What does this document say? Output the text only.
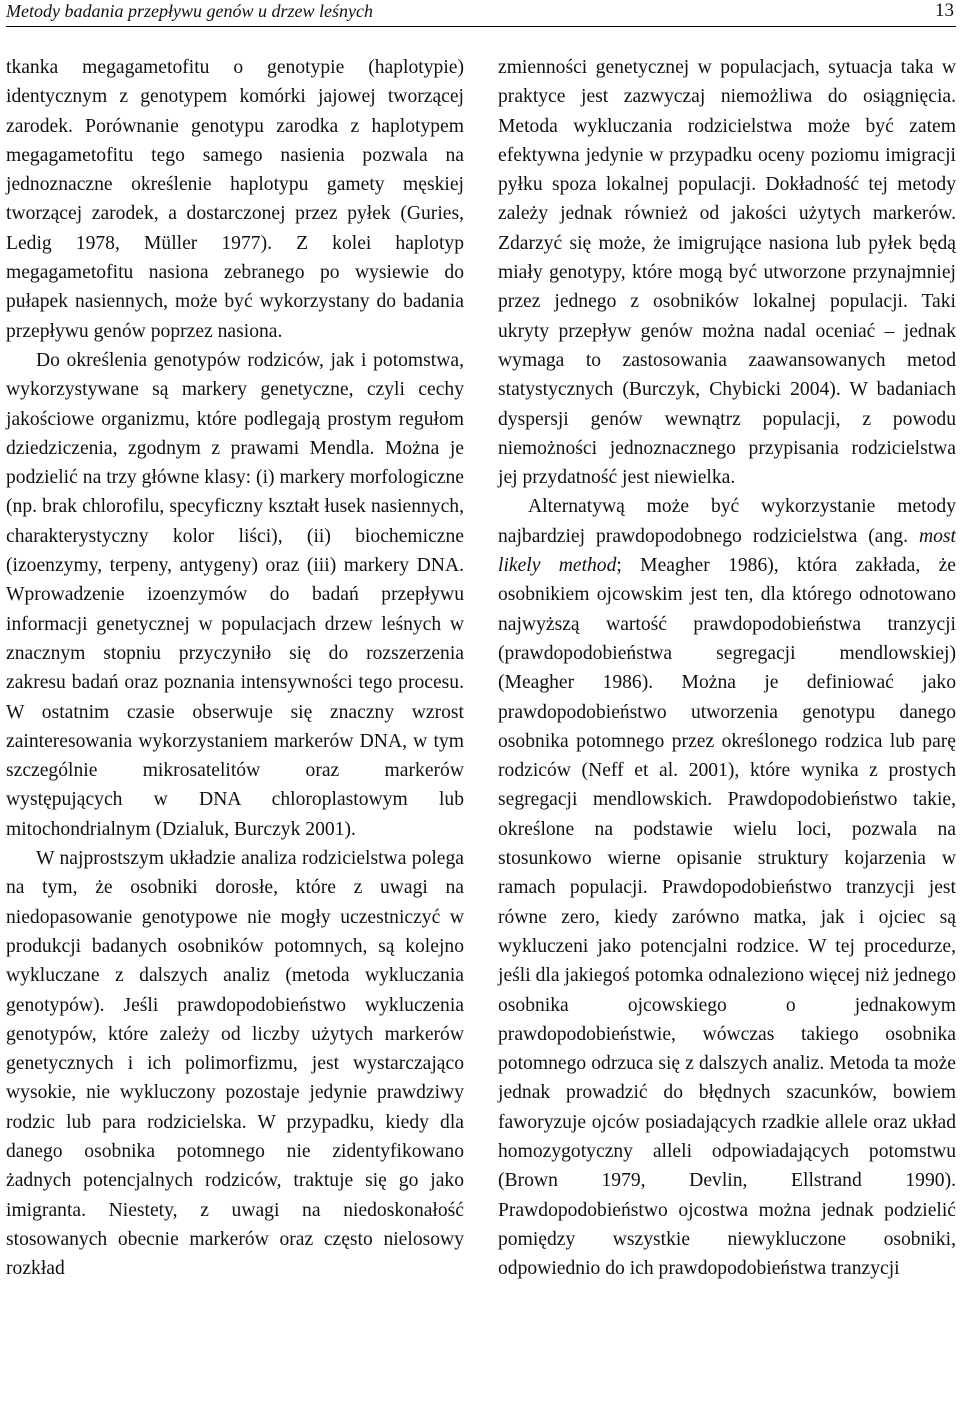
Metody badania przepływu genów u drzew leśnych	13

tkanka megagametofitu o genotypie (haplotypie) identycznym z genotypem komórki jajowej tworzącej zarodek. Porównanie genotypu zarodka z haplotypem megagametofitu tego samego nasienia pozwala na jednoznaczne określenie haplotypu gamety męskiej tworzącej zarodek, a dostarczonej przez pyłek (Guries, Ledig 1978, Müller 1977). Z kolei haplotyp megagametofitu nasiona zebranego po wysiewie do pułapek nasiennych, może być wykorzystany do badania przepływu genów poprzez nasiona.

Do określenia genotypów rodziców, jak i potomstwa, wykorzystywane są markery genetyczne, czyli cechy jakościowe organizmu, które podlegają prostym regułom dziedziczenia, zgodnym z prawami Mendla. Można je podzielić na trzy główne klasy: (i) markery morfologiczne (np. brak chlorofilu, specyficzny kształt łusek nasiennych, charakterystyczny kolor liści), (ii) biochemiczne (izoenzymy, terpeny, antygeny) oraz (iii) markery DNA. Wprowadzenie izoenzymów do badań przepływu informacji genetycznej w populacjach drzew leśnych w znacznym stopniu przyczyniło się do rozszerzenia zakresu badań oraz poznania intensywności tego procesu. W ostatnim czasie obserwuje się znaczny wzrost zainteresowania wykorzystaniem markerów DNA, w tym szczególnie mikrosatelitów oraz markerów występujących w DNA chloroplastowym lub mitochondrialnym (Dzialuk, Burczyk 2001).

W najprostszym układzie analiza rodzicielstwa polega na tym, że osobniki dorosłe, które z uwagi na niedopasowanie genotypowe nie mogły uczestniczyć w produkcji badanych osobników potomnych, są kolejno wykluczane z dalszych analiz (metoda wykluczania genotypów). Jeśli prawdopodobieństwo wykluczenia genotypów, które zależy od liczby użytych markerów genetycznych i ich polimorfizmu, jest wystarczająco wysokie, nie wykluczony pozostaje jedynie prawdziwy rodzic lub para rodzicielska. W przypadku, kiedy dla danego osobnika potomnego nie zidentyfikowano żadnych potencjalnych rodziców, traktuje się go jako imigranta. Niestety, z uwagi na niedoskonałość stosowanych obecnie markerów oraz często nielosowy rozkład

zmienności genetycznej w populacjach, sytuacja taka w praktyce jest zazwyczaj niemożliwa do osiągnięcia. Metoda wykluczania rodzicielstwa może być zatem efektywna jedynie w przypadku oceny poziomu imigracji pyłku spoza lokalnej populacji. Dokładność tej metody zależy jednak również od jakości użytych markerów. Zdarzyć się może, że imigrujące nasiona lub pyłek będą miały genotypy, które mogą być utworzone przynajmniej przez jednego z osobników lokalnej populacji. Taki ukryty przepływ genów można nadal oceniać – jednak wymaga to zastosowania zaawansowanych metod statystycznych (Burczyk, Chybicki 2004). W badaniach dyspersji genów wewnątrz populacji, z powodu niemożności jednoznacznego przypisania rodzicielstwa jej przydatność jest niewielka.

Alternatywą może być wykorzystanie metody najbardziej prawdopodobnego rodzicielstwa (ang. most likely method; Meagher 1986), która zakłada, że osobnikiem ojcowskim jest ten, dla którego odnotowano najwyższą wartość prawdopodobieństwa tranzycji (prawdopodobieństwa segregacji mendlowskiej) (Meagher 1986). Można je definiować jako prawdopodobieństwo utworzenia genotypu danego osobnika potomnego przez określonego rodzica lub parę rodziców (Neff et al. 2001), które wynika z prostych segregacji mendlowskich. Prawdopodobieństwo takie, określone na podstawie wielu loci, pozwala na stosunkowo wierne opisanie struktury kojarzenia w ramach populacji. Prawdopodobieństwo tranzycji jest równe zero, kiedy zarówno matka, jak i ojciec są wykluczeni jako potencjalni rodzice. W tej procedurze, jeśli dla jakiegoś potomka odnaleziono więcej niż jednego osobnika ojcowskiego o jednakowym prawdopodobieństwie, wówczas takiego osobnika potomnego odrzuca się z dalszych analiz. Metoda ta może jednak prowadzić do błędnych szacunków, bowiem faworyzuje ojców posiadających rzadkie allele oraz układ homozygotyczny alleli odpowiadających potomstwu (Brown 1979, Devlin, Ellstrand 1990). Prawdopodobieństwo ojcostwa można jednak podzielić pomiędzy wszystkie niewykluczone osobniki, odpowiednio do ich prawdopodobieństwa tranzycji
